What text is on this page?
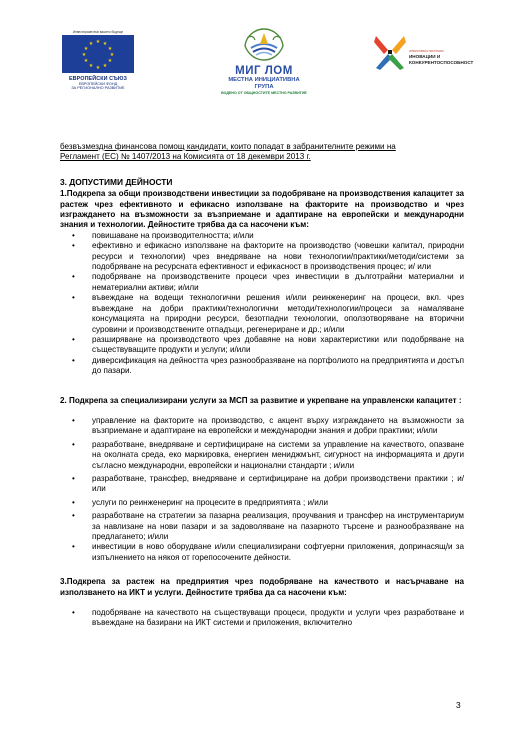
Инвестираме във вашето бъдеще
★ ★
★
★
★
★
★
★
★
★
★
★
ЕВРОПЕЙСКИ СЪЮЗ
ЕВРОПЕЙСКИ ФОНД
ЗА РЕГИОНАЛНО РАЗВИТИЕ
МИГ ЛОМ
МЕСТНА ИНИЦИАТИВНА
ГРУПА
ВОДЕНО ОТ ОБЩНОСТИТЕ МЕСТНО РАЗВИТИЕ
ОПЕРАТИВНА ПРОГРАМА
ИНОВАЦИИ И
КОНКУРЕНТОСПОСОБНОСТ
безвъзмездна финансова помощ кандидати, които попадат в забранителните режими на
Регламент (ЕС) № 1407/2013 на Комисията от 18 декември 2013 г.
3. ДОПУСТИМИ ДЕЙНОСТИ
1.Подкрепа за общи производствени инвестиции за подобряване на производствения капацитет за растеж чрез ефективното и ефикасно използване на факторите на производство и чрез изграждането на възможности за възприемане и адаптиране на европейски и международни знания и технологии. Дейностите трябва да са насочени към:
• повишаване на производителността; и/или
• ефективно и ефикасно използване на факторите на производство (човешки капитал, природни ресурси и технологии) чрез внедряване на нови технологии/практики/методи/системи за подобряване на ресурсната ефективност и ефикасност в производствения процес; и/ или
• подобряване на производствените процеси чрез инвестиции в дълготрайни материални и нематериални активи; и/или
• въвеждане на водещи технологични решения и/или реинженеринг на процеси, вкл. чрез въвеждане на добри практики/технологични методи/технологии/процеси за намаляване консумацията на природни ресурси, безотпадни технологии, оползотворяване на вторични суровини и производствените отпадъци, регенериране и др.; и/или
• разширяване на производството чрез добавяне на нови характеристики или подобряване на съществуващите продукти и услуги; и/или
• диверсификация на дейността чрез разнообразяване на портфолиото на предприятията и достъп до пазари.
2. Подкрепа за специализирани услуги за МСП за развитие и укрепване на управленски капацитет :
• управление на факторите на производство, с акцент върху изграждането на възможности за възприемане и адаптиране на европейски и международни знания и добри практики; и/или
• разработване, внедряване и сертифициране на системи за управление на качеството, опазване на околната среда, еко маркировка, енергиен мениджмънт, сигурност на информацията и други съгласно международни, европейски и национални стандарти ; и/или
• разработване, трансфер, внедряване и сертифициране на добри производствени практики ; и/или
• услуги по реинженеринг на процесите в предприятията ; и/или
• разработване на стратегии за пазарна реализация, проучвания и трансфер на инструментариум за навлизане на нови пазари и за задоволяване на пазарното търсене и разнообразяване на предлагането; и/или
• инвестиции в ново оборудване и/или специализирани софтуерни приложения, допринасящ/и за изпълнението на някоя от горепосочените дейности.
3.Подкрепа за растеж на предприятия чрез подобряване на качеството и насърчаване на използването на ИКТ и услуги. Дейностите трябва да са насочени към:
• подобряване на качеството на съществуващи процеси, продукти и услуги чрез разработване и въвеждане на базирани на ИКТ системи и приложения, включително
3
